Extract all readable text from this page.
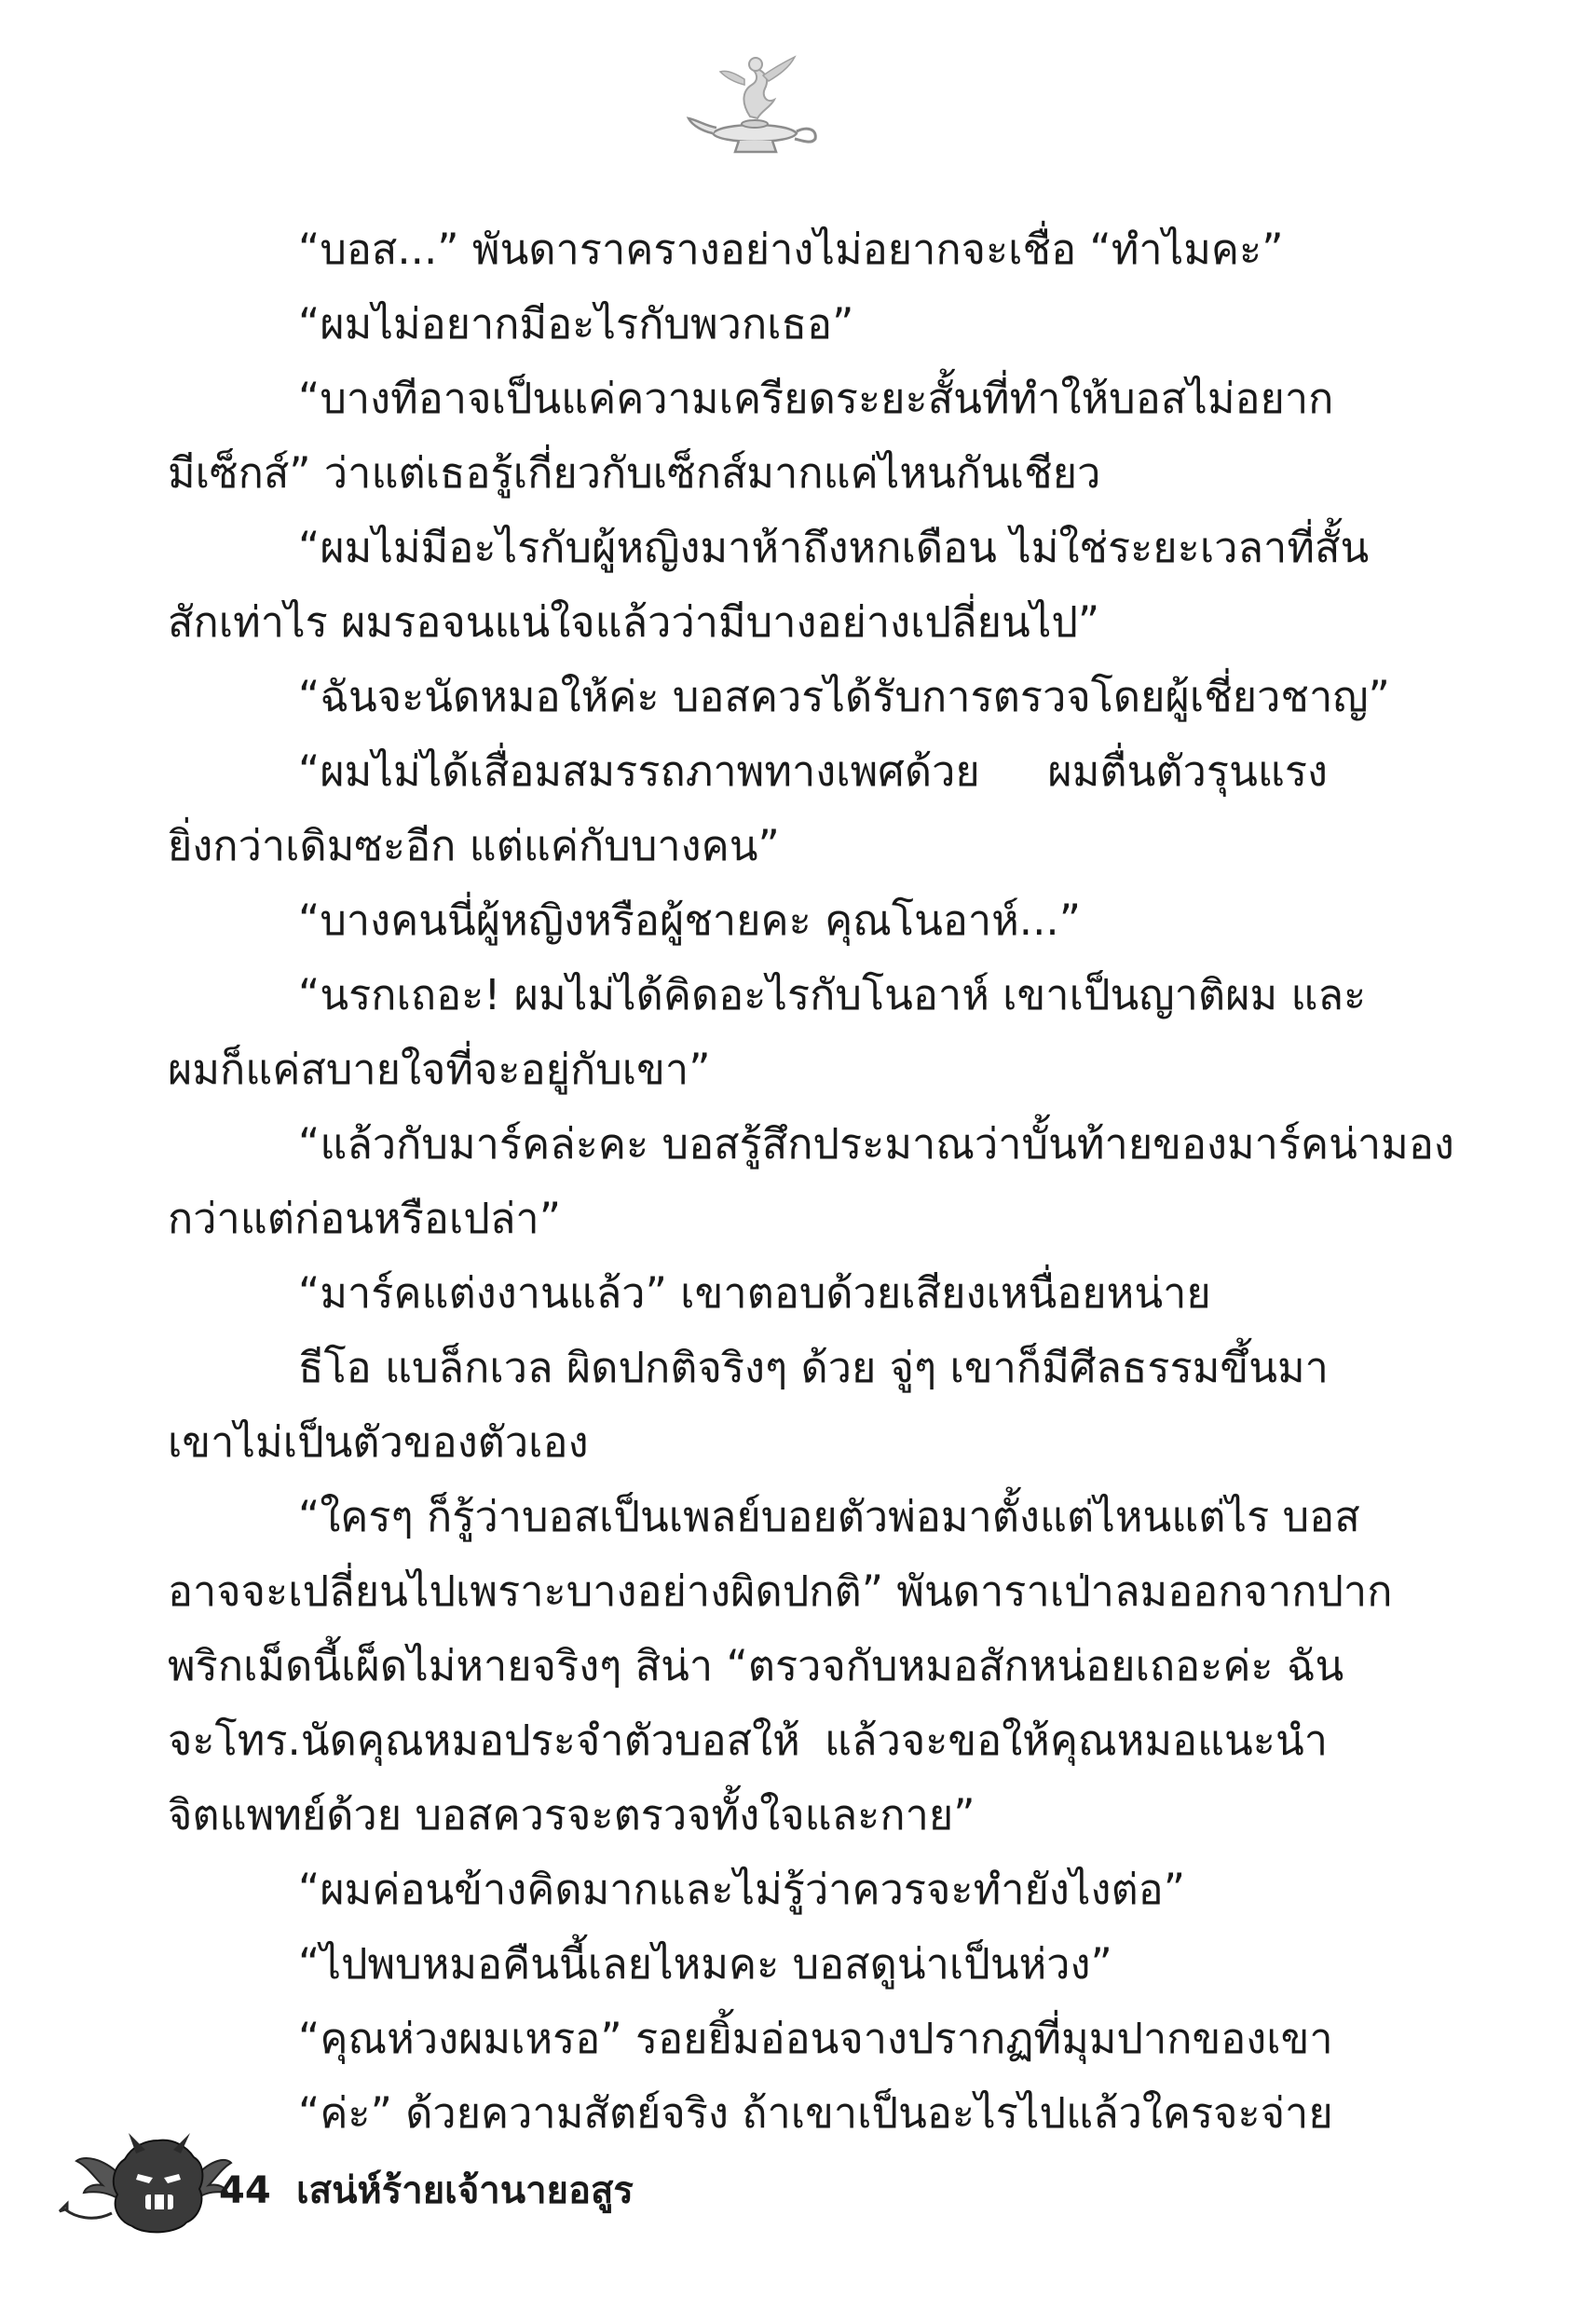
“บอส...” พันดาราครางอย่างไม่อยากจะเชื่อ “ทำไมคะ”
“ผมไม่อยากมีอะไรกับพวกเธอ”
“บางทีอาจเป็นแค่ความเครียดระยะสั้นที่ทำให้บอสไม่อยาก
มีเซ็กส์” ว่าแต่เธอรู้เกี่ยวกับเซ็กส์มากแค่ไหนกันเชียว
“ผมไม่มีอะไรกับผู้หญิงมาห้าถึงหกเดือน ไม่ใช่ระยะเวลาที่สั้น
สักเท่าไร ผมรอจนแน่ใจแล้วว่ามีบางอย่างเปลี่ยนไป”
“ฉันจะนัดหมอให้ค่ะ บอสควรได้รับการตรวจโดยผู้เชี่ยวชาญ”
“ผมไม่ได้เสื่อมสมรรถภาพทางเพศด้วย ผมตื่นตัวรุนแรง
ยิ่งกว่าเดิมซะอีก แต่แค่กับบางคน”
“บางคนนี่ผู้หญิงหรือผู้ชายคะ คุณโนอาห์...”
“นรกเถอะ! ผมไม่ได้คิดอะไรกับโนอาห์ เขาเป็นญาติผม และ
ผมก็แค่สบายใจที่จะอยู่กับเขา”
“แล้วกับมาร์คล่ะคะ บอสรู้สึกประมาณว่าบั้นท้ายของมาร์คน่ามอง
กว่าแต่ก่อนหรือเปล่า”
“มาร์คแต่งงานแล้ว” เขาตอบด้วยเสียงเหนื่อยหน่าย
ธีโอ แบล็กเวล ผิดปกติจริงๆ ด้วย จู่ๆ เขาก็มีศีลธรรมขึ้นมา
เขาไม่เป็นตัวของตัวเอง
“ใครๆ ก็รู้ว่าบอสเป็นเพลย์บอยตัวพ่อมาตั้งแต่ไหนแต่ไร บอส
อาจจะเปลี่ยนไปเพราะบางอย่างผิดปกติ” พันดาราเป่าลมออกจากปาก
พริกเม็ดนี้เผ็ดไม่หายจริงๆ สิน่า “ตรวจกับหมอสักหน่อยเถอะค่ะ ฉัน
จะโทร.นัดคุณหมอประจำตัวบอสให้ แล้วจะขอให้คุณหมอแนะนำ
จิตแพทย์ด้วย บอสควรจะตรวจทั้งใจและกาย”
“ผมค่อนข้างคิดมากและไม่รู้ว่าควรจะทำยังไงต่อ”
“ไปพบหมอคืนนี้เลยไหมคะ บอสดูน่าเป็นห่วง”
“คุณห่วงผมเหรอ” รอยยิ้มอ่อนจางปรากฏที่มุมปากของเขา
“ค่ะ” ด้วยความสัตย์จริง ถ้าเขาเป็นอะไรไปแล้วใครจะจ่าย
44 เสน่ห์ร้ายเจ้านายอสูร
